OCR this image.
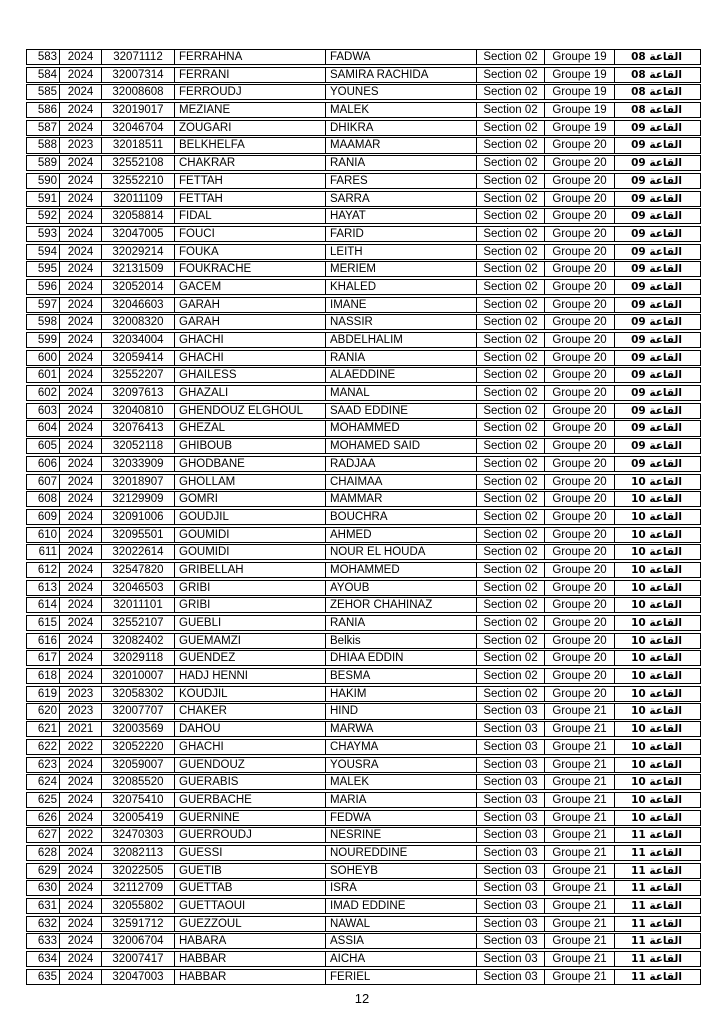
583 2024	32071112	FERRAHNA	FADWA	Section 02	Groupe 19	القاعة 08
584 2024	32007314	FERRANI	SAMIRA RACHIDA	Section 02	Groupe 19	القاعة 08
585 2024	32008608	FERROUDJ	YOUNES	Section 02	Groupe 19	القاعة 08
586 2024	32019017	MEZIANE	MALEK	Section 02	Groupe 19	القاعة 08
587 2024	32046704	ZOUGARI	DHIKRA	Section 02	Groupe 19	القاعة 09
588 2023	32018511	BELKHELFA	MAAMAR	Section 02	Groupe 20	القاعة 09
589 2024	32552108	CHAKRAR	RANIA	Section 02	Groupe 20	القاعة 09
590 2024	32552210	FETTAH	FARES	Section 02	Groupe 20	القاعة 09
591 2024	32011109	FETTAH	SARRA	Section 02	Groupe 20	القاعة 09
592 2024	32058814	FIDAL	HAYAT	Section 02	Groupe 20	القاعة 09
593 2024	32047005	FOUCI	FARID	Section 02	Groupe 20	القاعة 09
594 2024	32029214	FOUKA	LEITH	Section 02	Groupe 20	القاعة 09
595 2024	32131509	FOUKRACHE	MERIEM	Section 02	Groupe 20	القاعة 09
596 2024	32052014	GACEM	KHALED	Section 02	Groupe 20	القاعة 09
597 2024	32046603	GARAH	IMANE	Section 02	Groupe 20	القاعة 09
598 2024	32008320	GARAH	NASSIR	Section 02	Groupe 20	القاعة 09
599 2024	32034004	GHACHI	ABDELHALIM	Section 02	Groupe 20	القاعة 09
600 2024	32059414	GHACHI	RANIA	Section 02	Groupe 20	القاعة 09
601 2024	32552207	GHAILESS	ALAEDDINE	Section 02	Groupe 20	القاعة 09
602 2024	32097613	GHAZALI	MANAL	Section 02	Groupe 20	القاعة 09
603 2024	32040810	GHENDOUZ ELGHOUL	SAAD EDDINE	Section 02	Groupe 20	القاعة 09
604 2024	32076413	GHEZAL	MOHAMMED	Section 02	Groupe 20	القاعة 09
605 2024	32052118	GHIBOUB	MOHAMED SAID	Section 02	Groupe 20	القاعة 09
606 2024	32033909	GHODBANE	RADJAA	Section 02	Groupe 20	القاعة 09
607 2024	32018907	GHOLLAM	CHAIMAA	Section 02	Groupe 20	القاعة 10
608 2024	32129909	GOMRI	MAMMAR	Section 02	Groupe 20	القاعة 10
609 2024	32091006	GOUDJIL	BOUCHRA	Section 02	Groupe 20	القاعة 10
610 2024	32095501	GOUMIDI	AHMED	Section 02	Groupe 20	القاعة 10
611 2024	32022614	GOUMIDI	NOUR EL HOUDA	Section 02	Groupe 20	القاعة 10
612 2024	32547820	GRIBELLAH	MOHAMMED	Section 02	Groupe 20	القاعة 10
613 2024	32046503	GRIBI	AYOUB	Section 02	Groupe 20	القاعة 10
614 2024	32011101	GRIBI	ZEHOR CHAHINAZ	Section 02	Groupe 20	القاعة 10
615 2024	32552107	GUEBLI	RANIA	Section 02	Groupe 20	القاعة 10
616 2024	32082402	GUEMAMZI	Belkis	Section 02	Groupe 20	القاعة 10
617 2024	32029118	GUENDEZ	DHIAA EDDIN	Section 02	Groupe 20	القاعة 10
618 2024	32010007	HADJ HENNI	BESMA	Section 02	Groupe 20	القاعة 10
619 2023	32058302	KOUDJIL	HAKIM	Section 02	Groupe 20	القاعة 10
620 2023	32007707	CHAKER	HIND	Section 03	Groupe 21	القاعة 10
621 2021	32003569	DAHOU	MARWA	Section 03	Groupe 21	القاعة 10
622 2022	32052220	GHACHI	CHAYMA	Section 03	Groupe 21	القاعة 10
623 2024	32059007	GUENDOUZ	YOUSRA	Section 03	Groupe 21	القاعة 10
624 2024	32085520	GUERABIS	MALEK	Section 03	Groupe 21	القاعة 10
625 2024	32075410	GUERBACHE	MARIA	Section 03	Groupe 21	القاعة 10
626 2024	32005419	GUERNINE	FEDWA	Section 03	Groupe 21	القاعة 10
627 2022	32470303	GUERROUDJ	NESRINE	Section 03	Groupe 21	القاعة 11
628 2024	32082113	GUESSI	NOUREDDINE	Section 03	Groupe 21	القاعة 11
629 2024	32022505	GUETIB	SOHEYB	Section 03	Groupe 21	القاعة 11
630 2024	32112709	GUETTAB	ISRA	Section 03	Groupe 21	القاعة 11
631 2024	32055802	GUETTAOUI	IMAD EDDINE	Section 03	Groupe 21	القاعة 11
632 2024	32591712	GUEZZOUL	NAWAL	Section 03	Groupe 21	القاعة 11
633 2024	32006704	HABARA	ASSIA	Section 03	Groupe 21	القاعة 11
634 2024	32007417	HABBAR	AICHA	Section 03	Groupe 21	القاعة 11
635 2024	32047003	HABBAR	FERIEL	Section 03	Groupe 21	القاعة 11
12
